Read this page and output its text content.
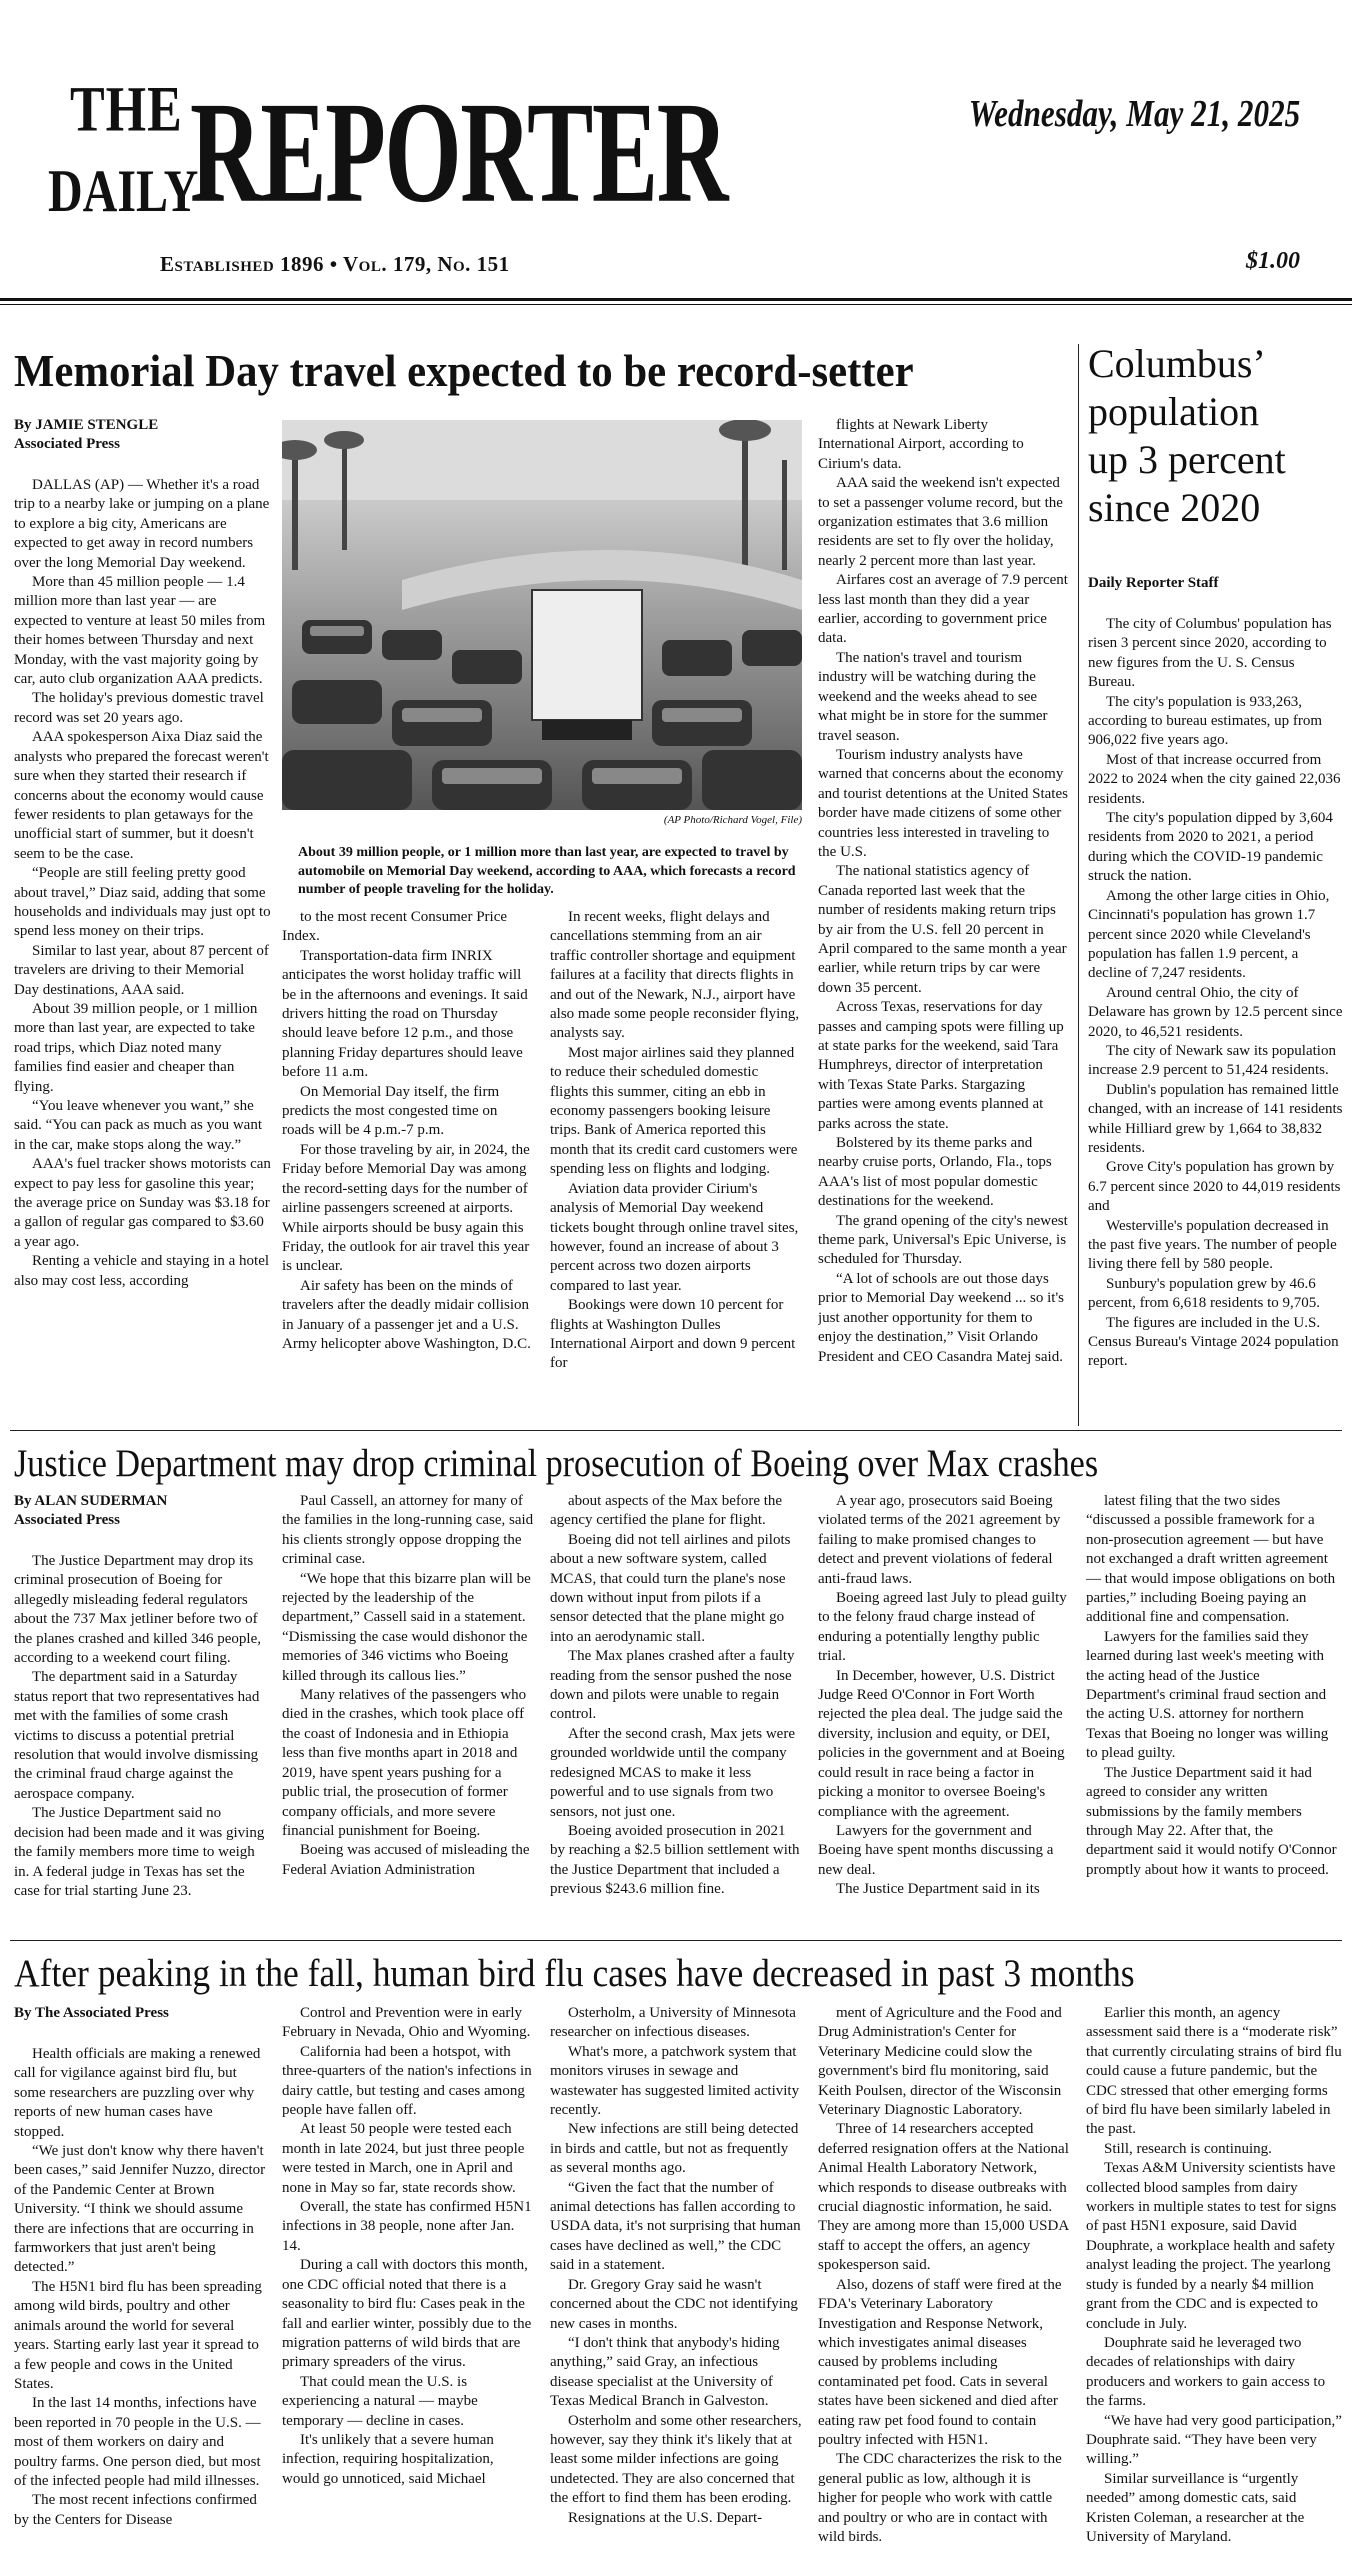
THE
DAILY
REPORTER	Wednesday, May 21, 2025
Established 1896 • Vol. 179, No. 151	$1.00
Memorial Day travel expected to be record-setter
By JAMIE STENGLE
Associated Press

DALLAS (AP) — Whether it's a road trip to a nearby lake or jumping on a plane to explore a big city, Americans are expected to get away in record numbers over the long Memorial Day weekend.

More than 45 million people — 1.4 million more than last year — are expected to venture at least 50 miles from their homes between Thursday and next Monday, with the vast majority going by car, auto club organization AAA predicts.

The holiday's previous domestic travel record was set 20 years ago.

AAA spokesperson Aixa Diaz said the analysts who prepared the forecast weren't sure when they started their research if concerns about the economy would cause fewer residents to plan getaways for the unofficial start of summer, but it doesn't seem to be the case.

“People are still feeling pretty good about travel,” Diaz said, adding that some households and individuals may just opt to spend less money on their trips.

Similar to last year, about 87 percent of travelers are driving to their Memorial Day destinations, AAA said.

About 39 million people, or 1 million more than last year, are expected to take road trips, which Diaz noted many families find easier and cheaper than flying.

“You leave whenever you want,” she said. “You can pack as much as you want in the car, make stops along the way.”

AAA's fuel tracker shows motorists can expect to pay less for gasoline this year; the average price on Sunday was $3.18 for a gallon of regular gas compared to $3.60 a year ago.

Renting a vehicle and staying in a hotel also may cost less, according

(AP Photo/Richard Vogel, File)
About 39 million people, or 1 million more than last year, are expected to travel by automobile on Memorial Day weekend, according to AAA, which forecasts a record number of people traveling for the holiday.

to the most recent Consumer Price Index.

Transportation-data firm INRIX anticipates the worst holiday traffic will be in the afternoons and evenings. It said drivers hitting the road on Thursday should leave before 12 p.m., and those planning Friday departures should leave before 11 a.m.

On Memorial Day itself, the firm predicts the most congested time on roads will be 4 p.m.-7 p.m.

For those traveling by air, in 2024, the Friday before Memorial Day was among the record-setting days for the number of airline passengers screened at airports. While airports should be busy again this Friday, the outlook for air travel this year is unclear.

Air safety has been on the minds of travelers after the deadly midair collision in January of a passenger jet and a U.S. Army helicopter above Washington, D.C.

In recent weeks, flight delays and cancellations stemming from an air traffic controller shortage and equipment failures at a facility that directs flights in and out of the Newark, N.J., airport have also made some people reconsider flying, analysts say.

Most major airlines said they planned to reduce their scheduled domestic flights this summer, citing an ebb in economy passengers booking leisure trips. Bank of America reported this month that its credit card customers were spending less on flights and lodging.

Aviation data provider Cirium's analysis of Memorial Day weekend tickets bought through online travel sites, however, found an increase of about 3 percent across two dozen airports compared to last year.

Bookings were down 10 percent for flights at Washington Dulles International Airport and down 9 percent for

flights at Newark Liberty International Airport, according to Cirium's data.

AAA said the weekend isn't expected to set a passenger volume record, but the organization estimates that 3.6 million residents are set to fly over the holiday, nearly 2 percent more than last year.

Airfares cost an average of 7.9 percent less last month than they did a year earlier, according to government price data.

The nation's travel and tourism industry will be watching during the weekend and the weeks ahead to see what might be in store for the summer travel season.

Tourism industry analysts have warned that concerns about the economy and tourist detentions at the United States border have made citizens of some other countries less interested in traveling to the U.S.

The national statistics agency of Canada reported last week that the number of residents making return trips by air from the U.S. fell 20 percent in April compared to the same month a year earlier, while return trips by car were down 35 percent.

Across Texas, reservations for day passes and camping spots were filling up at state parks for the weekend, said Tara Humphreys, director of interpretation with Texas State Parks. Stargazing parties were among events planned at parks across the state.

Bolstered by its theme parks and nearby cruise ports, Orlando, Fla., tops AAA's list of most popular domestic destinations for the weekend.

The grand opening of the city's newest theme park, Universal's Epic Universe, is scheduled for Thursday.

“A lot of schools are out those days prior to Memorial Day weekend ... so it's just another opportunity for them to enjoy the destination,” Visit Orlando President and CEO Casandra Matej said.

Columbus’
population
up 3 percent
since 2020
Daily Reporter Staff

The city of Columbus' population has risen 3 percent since 2020, according to new figures from the U. S. Census Bureau.

The city's population is 933,263, according to bureau estimates, up from 906,022 five years ago.

Most of that increase occurred from 2022 to 2024 when the city gained 22,036 residents.

The city's population dipped by 3,604 residents from 2020 to 2021, a period during which the COVID-19 pandemic struck the nation.

Among the other large cities in Ohio, Cincinnati's population has grown 1.7 percent since 2020 while Cleveland's population has fallen 1.9 percent, a decline of 7,247 residents.

Around central Ohio, the city of Delaware has grown by 12.5 percent since 2020, to 46,521 residents.

The city of Newark saw its population increase 2.9 percent to 51,424 residents.

Dublin's population has remained little changed, with an increase of 141 residents while Hilliard grew by 1,664 to 38,832 residents.

Grove City's population has grown by 6.7 percent since 2020 to 44,019 residents and

Westerville's population decreased in the past five years. The number of people living there fell by 580 people.

Sunbury's population grew by 46.6 percent, from 6,618 residents to 9,705.

The figures are included in the U.S. Census Bureau's Vintage 2024 population report.

Justice Department may drop criminal prosecution of Boeing over Max crashes
By ALAN SUDERMAN
Associated Press

The Justice Department may drop its criminal prosecution of Boeing for allegedly misleading federal regulators about the 737 Max jetliner before two of the planes crashed and killed 346 people, according to a weekend court filing.

The department said in a Saturday status report that two representatives had met with the families of some crash victims to discuss a potential pretrial resolution that would involve dismissing the criminal fraud charge against the aerospace company.

The Justice Department said no decision had been made and it was giving the family members more time to weigh in. A federal judge in Texas has set the case for trial starting June 23.

Paul Cassell, an attorney for many of the families in the long-running case, said his clients strongly oppose dropping the criminal case.

“We hope that this bizarre plan will be rejected by the leadership of the department,” Cassell said in a statement. “Dismissing the case would dishonor the memories of 346 victims who Boeing killed through its callous lies.”

Many relatives of the passengers who died in the crashes, which took place off the coast of Indonesia and in Ethiopia less than five months apart in 2018 and 2019, have spent years pushing for a public trial, the prosecution of former company officials, and more severe financial punishment for Boeing.

Boeing was accused of misleading the Federal Aviation Administration

about aspects of the Max before the agency certified the plane for flight.

Boeing did not tell airlines and pilots about a new software system, called MCAS, that could turn the plane's nose down without input from pilots if a sensor detected that the plane might go into an aerodynamic stall.

The Max planes crashed after a faulty reading from the sensor pushed the nose down and pilots were unable to regain control.

After the second crash, Max jets were grounded worldwide until the company redesigned MCAS to make it less powerful and to use signals from two sensors, not just one.

Boeing avoided prosecution in 2021 by reaching a $2.5 billion settlement with the Justice Department that included a previous $243.6 million fine.

A year ago, prosecutors said Boeing violated terms of the 2021 agreement by failing to make promised changes to detect and prevent violations of federal anti-fraud laws.

Boeing agreed last July to plead guilty to the felony fraud charge instead of enduring a potentially lengthy public trial.

In December, however, U.S. District Judge Reed O'Connor in Fort Worth rejected the plea deal. The judge said the diversity, inclusion and equity, or DEI, policies in the government and at Boeing could result in race being a factor in picking a monitor to oversee Boeing's compliance with the agreement.

Lawyers for the government and Boeing have spent months discussing a new deal.

The Justice Department said in its

latest filing that the two sides “discussed a possible framework for a non-prosecution agreement — but have not exchanged a draft written agreement — that would impose obligations on both parties,” including Boeing paying an additional fine and compensation.

Lawyers for the families said they learned during last week's meeting with the acting head of the Justice Department's criminal fraud section and the acting U.S. attorney for northern Texas that Boeing no longer was willing to plead guilty.

The Justice Department said it had agreed to consider any written submissions by the family members through May 22. After that, the department said it would notify O'Connor promptly about how it wants to proceed.

After peaking in the fall, human bird flu cases have decreased in past 3 months
By The Associated Press

Health officials are making a renewed call for vigilance against bird flu, but some researchers are puzzling over why reports of new human cases have stopped.

“We just don't know why there haven't been cases,” said Jennifer Nuzzo, director of the Pandemic Center at Brown University. “I think we should assume there are infections that are occurring in farmworkers that just aren't being detected.”

The H5N1 bird flu has been spreading among wild birds, poultry and other animals around the world for several years. Starting early last year it spread to a few people and cows in the United States.

In the last 14 months, infections have been reported in 70 people in the U.S. — most of them workers on dairy and poultry farms. One person died, but most of the infected people had mild illnesses.

The most recent infections confirmed by the Centers for Disease

Control and Prevention were in early February in Nevada, Ohio and Wyoming.

California had been a hotspot, with three-quarters of the nation's infections in dairy cattle, but testing and cases among people have fallen off.

At least 50 people were tested each month in late 2024, but just three people were tested in March, one in April and none in May so far, state records show.

Overall, the state has confirmed H5N1 infections in 38 people, none after Jan. 14.

During a call with doctors this month, one CDC official noted that there is a seasonality to bird flu: Cases peak in the fall and earlier winter, possibly due to the migration patterns of wild birds that are primary spreaders of the virus.

That could mean the U.S. is experiencing a natural — maybe temporary — decline in cases.

It's unlikely that a severe human infection, requiring hospitalization, would go unnoticed, said Michael

Osterholm, a University of Minnesota researcher on infectious diseases.

What's more, a patchwork system that monitors viruses in sewage and wastewater has suggested limited activity recently.

New infections are still being detected in birds and cattle, but not as frequently as several months ago.

“Given the fact that the number of animal detections has fallen according to USDA data, it's not surprising that human cases have declined as well,” the CDC said in a statement.

Dr. Gregory Gray said he wasn't concerned about the CDC not identifying new cases in months.

“I don't think that anybody's hiding anything,” said Gray, an infectious disease specialist at the University of Texas Medical Branch in Galveston.

Osterholm and some other researchers, however, say they think it's likely that at least some milder infections are going undetected. They are also concerned that the effort to find them has been eroding.

Resignations at the U.S. Depart-

ment of Agriculture and the Food and Drug Administration's Center for Veterinary Medicine could slow the government's bird flu monitoring, said Keith Poulsen, director of the Wisconsin Veterinary Diagnostic Laboratory.

Three of 14 researchers accepted deferred resignation offers at the National Animal Health Laboratory Network, which responds to disease outbreaks with crucial diagnostic information, he said. They are among more than 15,000 USDA staff to accept the offers, an agency spokesperson said.

Also, dozens of staff were fired at the FDA's Veterinary Laboratory Investigation and Response Network, which investigates animal diseases caused by problems including contaminated pet food. Cats in several states have been sickened and died after eating raw pet food found to contain poultry infected with H5N1.

The CDC characterizes the risk to the general public as low, although it is higher for people who work with cattle and poultry or who are in contact with wild birds.

Earlier this month, an agency assessment said there is a “moderate risk” that currently circulating strains of bird flu could cause a future pandemic, but the CDC stressed that other emerging forms of bird flu have been similarly labeled in the past.

Still, research is continuing.

Texas A&M University scientists have collected blood samples from dairy workers in multiple states to test for signs of past H5N1 exposure, said David Douphrate, a workplace health and safety analyst leading the project. The yearlong study is funded by a nearly $4 million grant from the CDC and is expected to conclude in July.

Douphrate said he leveraged two decades of relationships with dairy producers and workers to gain access to the farms.

“We have had very good participation,” Douphrate said. “They have been very willing.”

Similar surveillance is “urgently needed” among domestic cats, said Kristen Coleman, a researcher at the University of Maryland.
